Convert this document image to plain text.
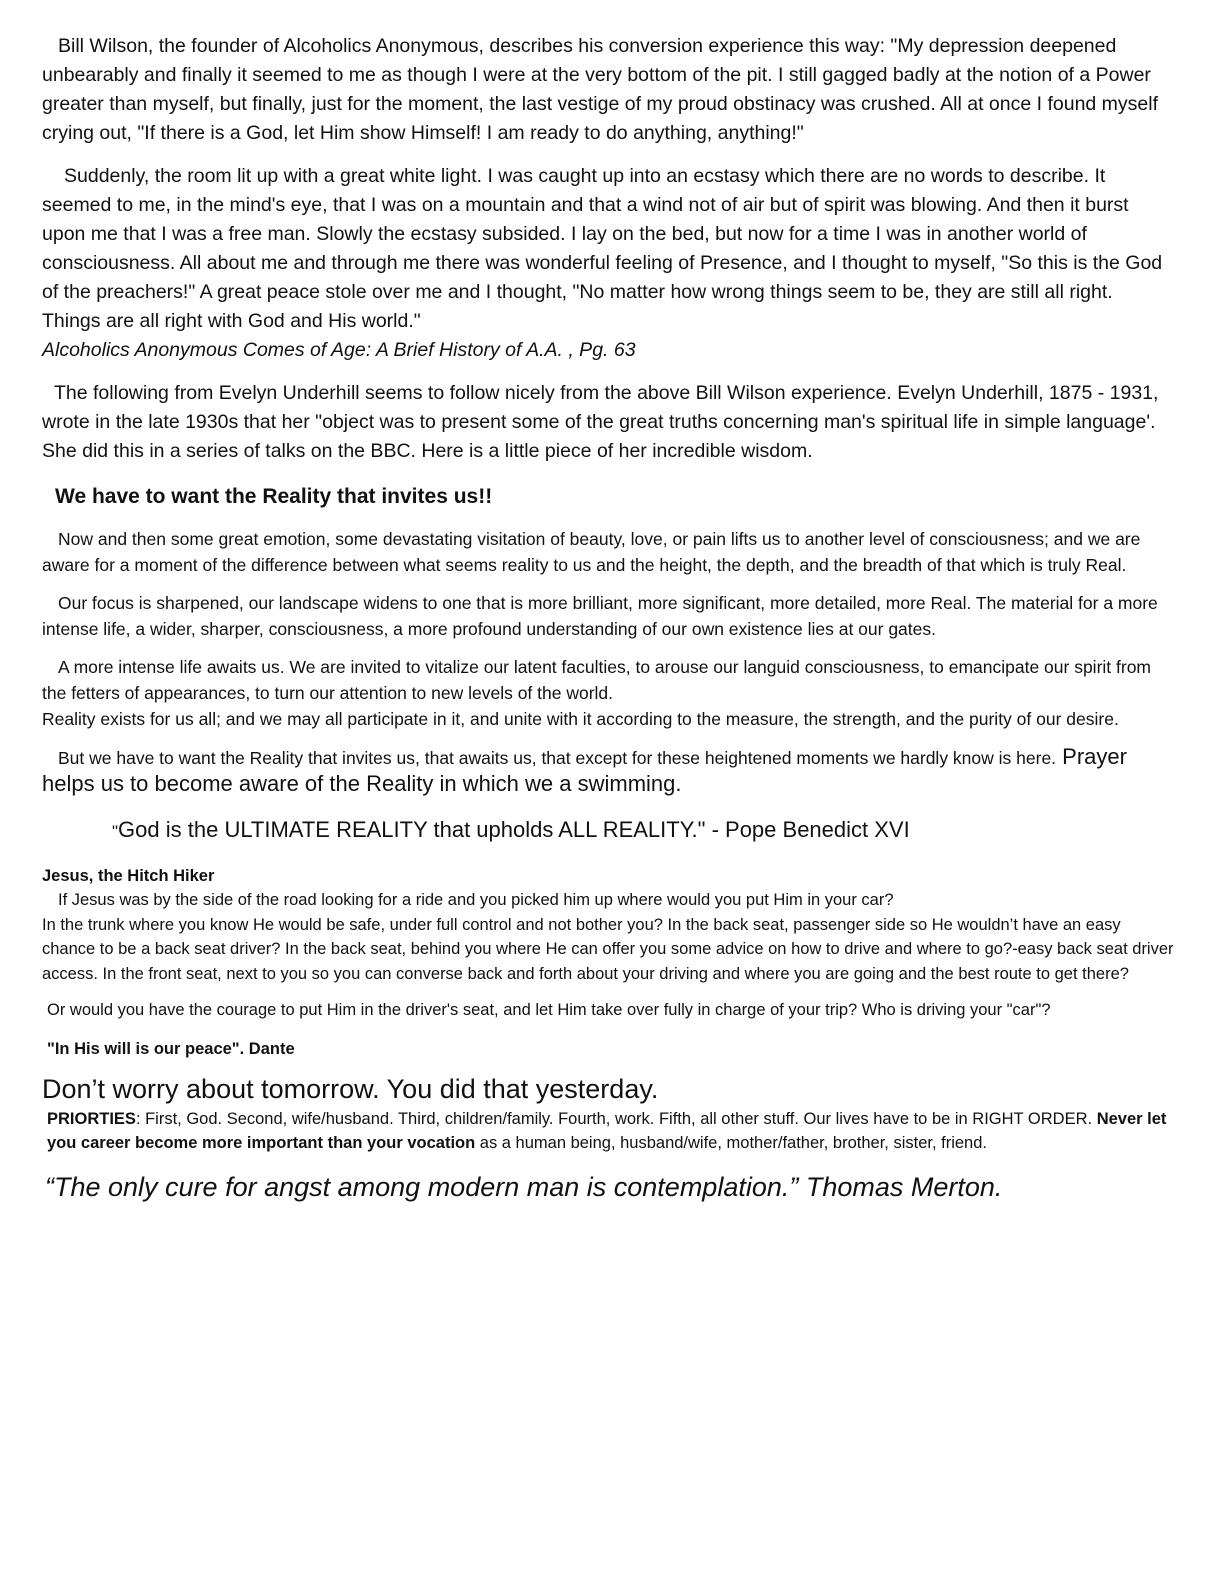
Bill Wilson, the founder of Alcoholics Anonymous, describes his conversion experience this way: "My depression deepened unbearably and finally it seemed to me as though I were at the very bottom of the pit. I still gagged badly at the notion of a Power greater than myself, but finally, just for the moment, the last vestige of my proud obstinacy was crushed. All at once I found myself crying out, "If there is a God, let Him show Himself! I am ready to do anything, anything!"

Suddenly, the room lit up with a great white light. I was caught up into an ecstasy which there are no words to describe. It seemed to me, in the mind's eye, that I was on a mountain and that a wind not of air but of spirit was blowing. And then it burst upon me that I was a free man. Slowly the ecstasy subsided. I lay on the bed, but now for a time I was in another world of consciousness. All about me and through me there was wonderful feeling of Presence, and I thought to myself, "So this is the God of the preachers!" A great peace stole over me and I thought, "No matter how wrong things seem to be, they are still all right. Things are all right with God and His world."

Alcoholics Anonymous Comes of Age: A Brief History of A.A. , Pg. 63

The following from Evelyn Underhill seems to follow nicely from the above Bill Wilson experience. Evelyn Underhill, 1875 - 1931, wrote in the late 1930s that her "object was to present some of the great truths concerning man's spiritual life in simple language'. She did this in a series of talks on the BBC. Here is a little piece of her incredible wisdom.

We have to want the Reality that invites us!!

Now and then some great emotion, some devastating visitation of beauty, love, or pain lifts us to another level of consciousness; and we are aware for a moment of the difference between what seems reality to us and the height, the depth, and the breadth of that which is truly Real.

Our focus is sharpened, our landscape widens to one that is more brilliant, more significant, more detailed, more Real. The material for a more intense life, a wider, sharper, consciousness, a more profound understanding of our own existence lies at our gates.

A more intense life awaits us. We are invited to vitalize our latent faculties, to arouse our languid consciousness, to emancipate our spirit from the fetters of appearances, to turn our attention to new levels of the world.

Reality exists for us all; and we may all participate in it, and unite with it according to the measure, the strength, and the purity of our desire.

But we have to want the Reality that invites us, that awaits us, that except for these heightened moments we hardly know is here. Prayer helps us to become aware of the Reality in which we a swimming.

"God is the ULTIMATE REALITY that upholds ALL REALITY." - Pope Benedict XVI

Jesus, the Hitch Hiker

If Jesus was by the side of the road looking for a ride and you picked him up where would you put Him in your car?

In the trunk where you know He would be safe, under full control and not bother you? In the back seat, passenger side so He wouldn’t have an easy chance to be a back seat driver? In the back seat, behind you where He can offer you some advice on how to drive and where to go?-easy back seat driver access. In the front seat, next to you so you can converse back and forth about your driving and where you are going and the best route to get there?

Or would you have the courage to put Him in the driver's seat, and let Him take over fully in charge of your trip? Who is driving your "car"?

"In His will is our peace". Dante

Don’t worry about tomorrow. You did that yesterday.

PRIORTIES: First, God. Second, wife/husband. Third, children/family. Fourth, work. Fifth, all other stuff. Our lives have to be in RIGHT ORDER. Never let you career become more important than your vocation as a human being, husband/wife, mother/father, brother, sister, friend.

“The only cure for angst among modern man is contemplation.” Thomas Merton.
